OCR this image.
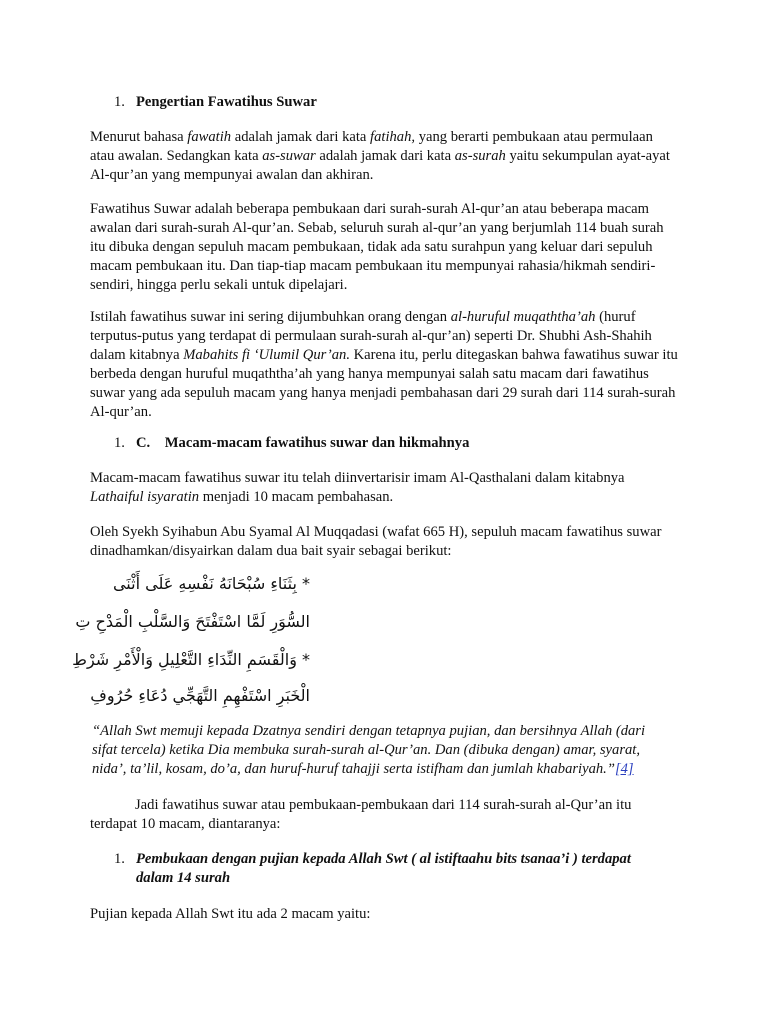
1. Pengertian Fawatihus Suwar

Menurut bahasa fawatih adalah jamak dari kata fatihah, yang berarti pembukaan atau permulaan atau awalan. Sedangkan kata as-suwar adalah jamak dari kata as-surah yaitu sekumpulan ayat-ayat Al-qur’an yang mempunyai awalan dan akhiran.

Fawatihus Suwar adalah beberapa pembukaan dari surah-surah Al-qur’an atau beberapa macam awalan dari surah-surah Al-qur’an. Sebab, seluruh surah al-qur’an yang berjumlah 114 buah surah itu dibuka dengan sepuluh macam pembukaan, tidak ada satu surahpun yang keluar dari sepuluh macam pembukaan itu. Dan tiap-tiap macam pembukaan itu mempunyai rahasia/hikmah sendiri-sendiri, hingga perlu sekali untuk dipelajari.

Istilah fawatihus suwar ini sering dijumbuhkan orang dengan al-huruful muqaththa’ah (huruf terputus-putus yang terdapat di permulaan surah-surah al-qur’an) seperti Dr. Shubhi Ash-Shahih dalam kitabnya Mabahits fi ‘Ulumil Qur’an. Karena itu, perlu ditegaskan bahwa fawatihus suwar itu berbeda dengan huruful muqaththa’ah yang hanya mempunyai salah satu macam dari fawatihus suwar yang ada sepuluh macam yang hanya menjadi pembahasan dari 29 surah dari 114 surah-surah Al-qur’an.

1. C.    Macam-macam fawatihus suwar dan hikmahnya

Macam-macam fawatihus suwar itu telah diinvertarisir imam Al-Qasthalani dalam kitabnya Lathaiful isyaratin menjadi 10 macam pembahasan.

Oleh Syekh Syihabun Abu Syamal Al Muqqadasi (wafat 665 H), sepuluh macam fawatihus suwar dinadhamkan/disyairkan dalam dua bait syair sebagai berikut:

* بِثَنَاءِ سُبْحَانَهُ نَفْسِهِ عَلَى أَثْنَى
السُّوَرِ لَمَّا اسْتَفْتَحَ وَالسَّلْبِ الْمَدْحِ تِ
* وَالْقَسَمِ النِّدَاءِ التَّعْلِيلِ وَالْأَمْرِ شَرْطِ
الْخَبَرِ اسْتَفْهِمِ التَّهَجِّي دُعَاءِ حُرُوفِ

“Allah Swt memuji kepada Dzatnya sendiri dengan tetapnya pujian, dan bersihnya Allah (dari sifat tercela) ketika Dia membuka surah-surah al-Qur’an. Dan (dibuka dengan) amar, syarat, nida’, ta’lil, kosam, do’a, dan huruf-huruf tahajji serta istifham dan jumlah khabariyah.”[4]

Jadi fawatihus suwar atau pembukaan-pembukaan dari 114 surah-surah al-Qur’an itu terdapat 10 macam, diantaranya:

1. Pembukaan dengan pujian kepada Allah Swt ( al istiftaahu bits tsanaa’i ) terdapat dalam 14 surah

Pujian kepada Allah Swt itu ada 2 macam yaitu:
